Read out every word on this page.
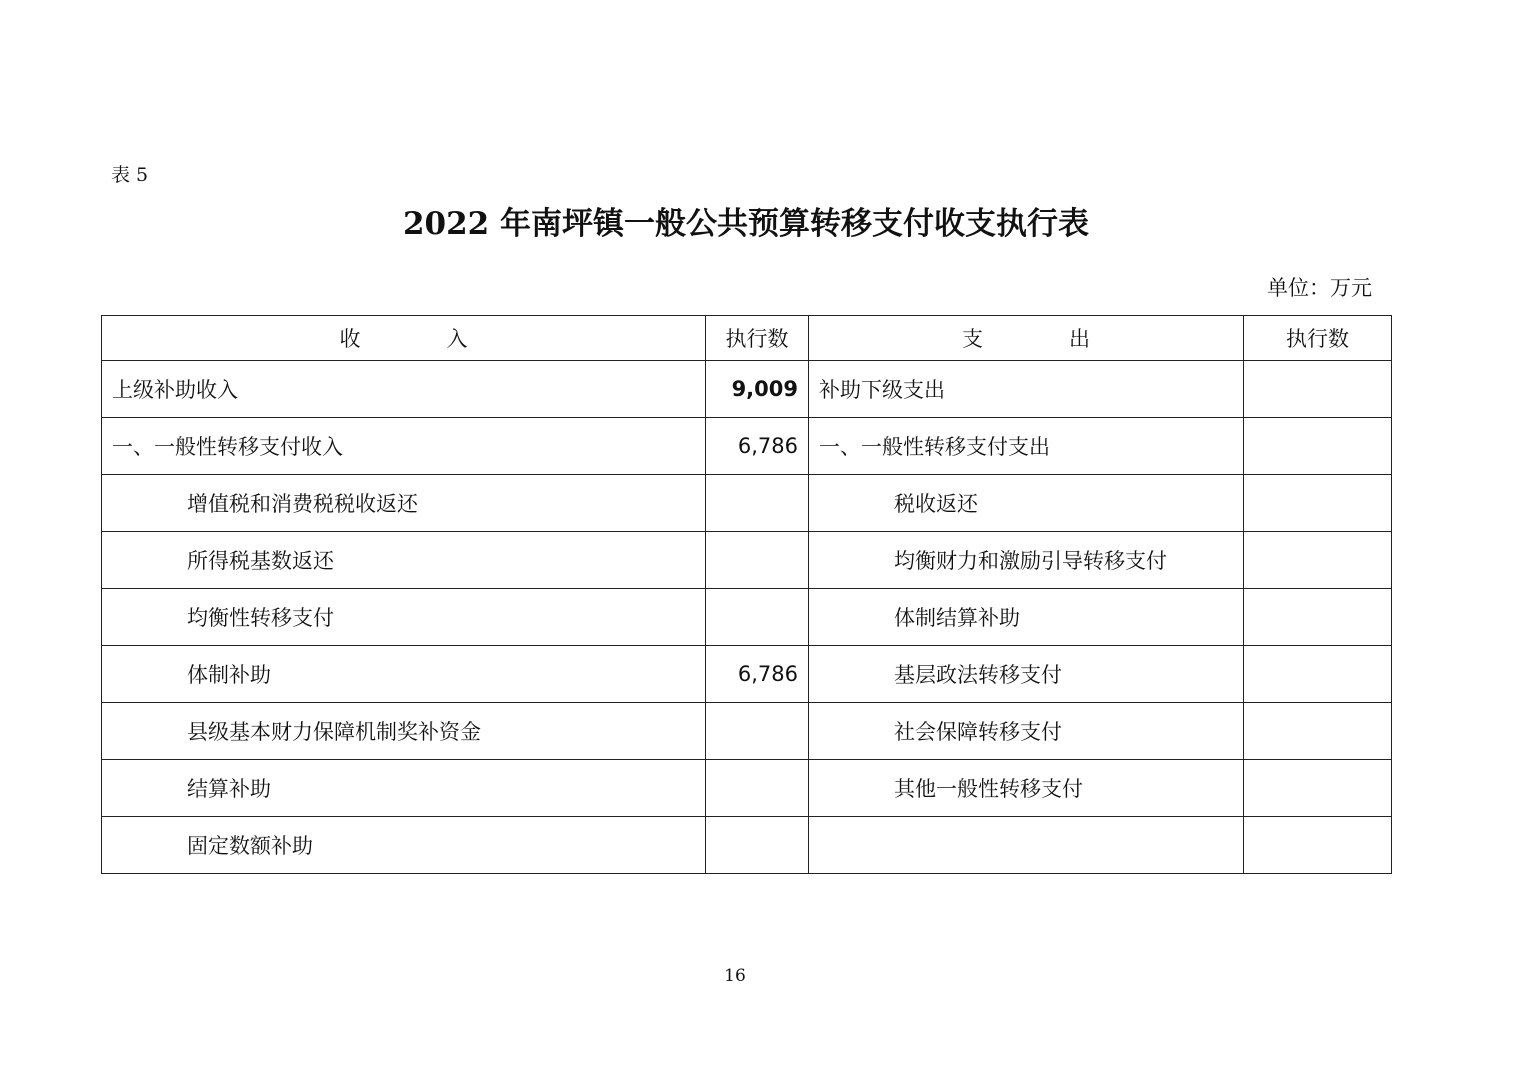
表 5
2022 年南坪镇一般公共预算转移支付收支执行表
单位：万元
收 入	执行数	支 出	执行数
上级补助收入	9,009	补助下级支出	
一、一般性转移支付收入	6,786	一、一般性转移支付支出	
增值税和消费税税收返还		税收返还	
所得税基数返还		均衡财力和激励引导转移支付	
均衡性转移支付		体制结算补助	
体制补助	6,786	基层政法转移支付	
县级基本财力保障机制奖补资金		社会保障转移支付	
结算补助		其他一般性转移支付	
固定数额补助			
16
